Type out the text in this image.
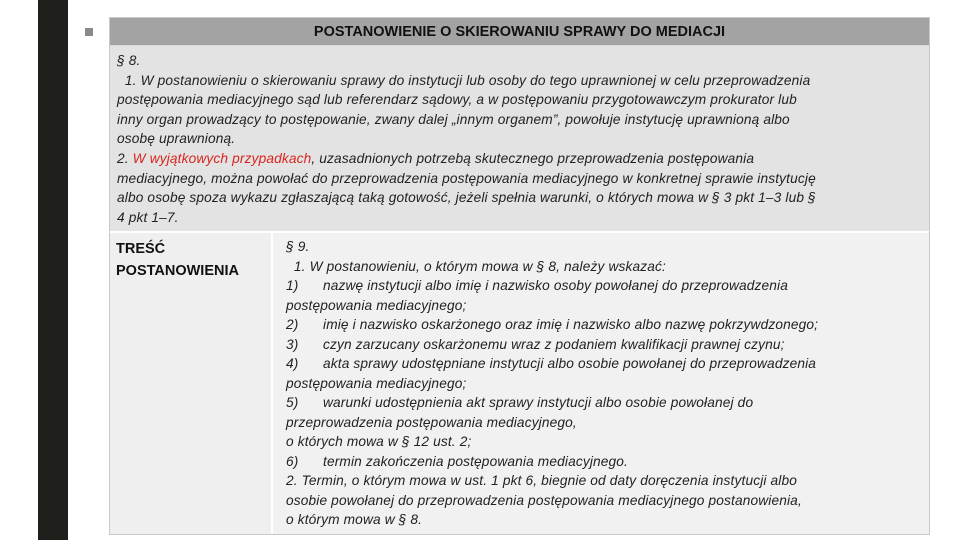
POSTANOWIENIE O SKIEROWANIU SPRAWY DO MEDIACJI
§ 8.
1. W postanowieniu o skierowaniu sprawy do instytucji lub osoby do tego uprawnionej w celu przeprowadzenia
postępowania mediacyjnego sąd lub referendarz sądowy, a w postępowaniu przygotowawczym prokurator lub
inny organ prowadzący to postępowanie, zwany dalej „innym organem”, powołuje instytucję uprawnioną albo
osobę uprawnioną.
2. W wyjątkowych przypadkach, uzasadnionych potrzebą skutecznego przeprowadzenia postępowania
mediacyjnego, można powołać do przeprowadzenia postępowania mediacyjnego w konkretnej sprawie instytucję
albo osobę spoza wykazu zgłaszającą taką gotowość, jeżeli spełnia warunki, o których mowa w § 3 pkt 1–3 lub §
4 pkt 1–7.
TREŚĆ
POSTANOWIENIA
§ 9.
1. W postanowieniu, o którym mowa w § 8, należy wskazać:
1) nazwę instytucji albo imię i nazwisko osoby powołanej do przeprowadzenia
postępowania mediacyjnego;
2) imię i nazwisko oskarżonego oraz imię i nazwisko albo nazwę pokrzywdzonego;
3) czyn zarzucany oskarżonemu wraz z podaniem kwalifikacji prawnej czynu;
4) akta sprawy udostępniane instytucji albo osobie powołanej do przeprowadzenia
postępowania mediacyjnego;
5) warunki udostępnienia akt sprawy instytucji albo osobie powołanej do
przeprowadzenia postępowania mediacyjnego,
o których mowa w § 12 ust. 2;
6) termin zakończenia postępowania mediacyjnego.
2. Termin, o którym mowa w ust. 1 pkt 6, biegnie od daty doręczenia instytucji albo
osobie powołanej do przeprowadzenia postępowania mediacyjnego postanowienia,
o którym mowa w § 8.
